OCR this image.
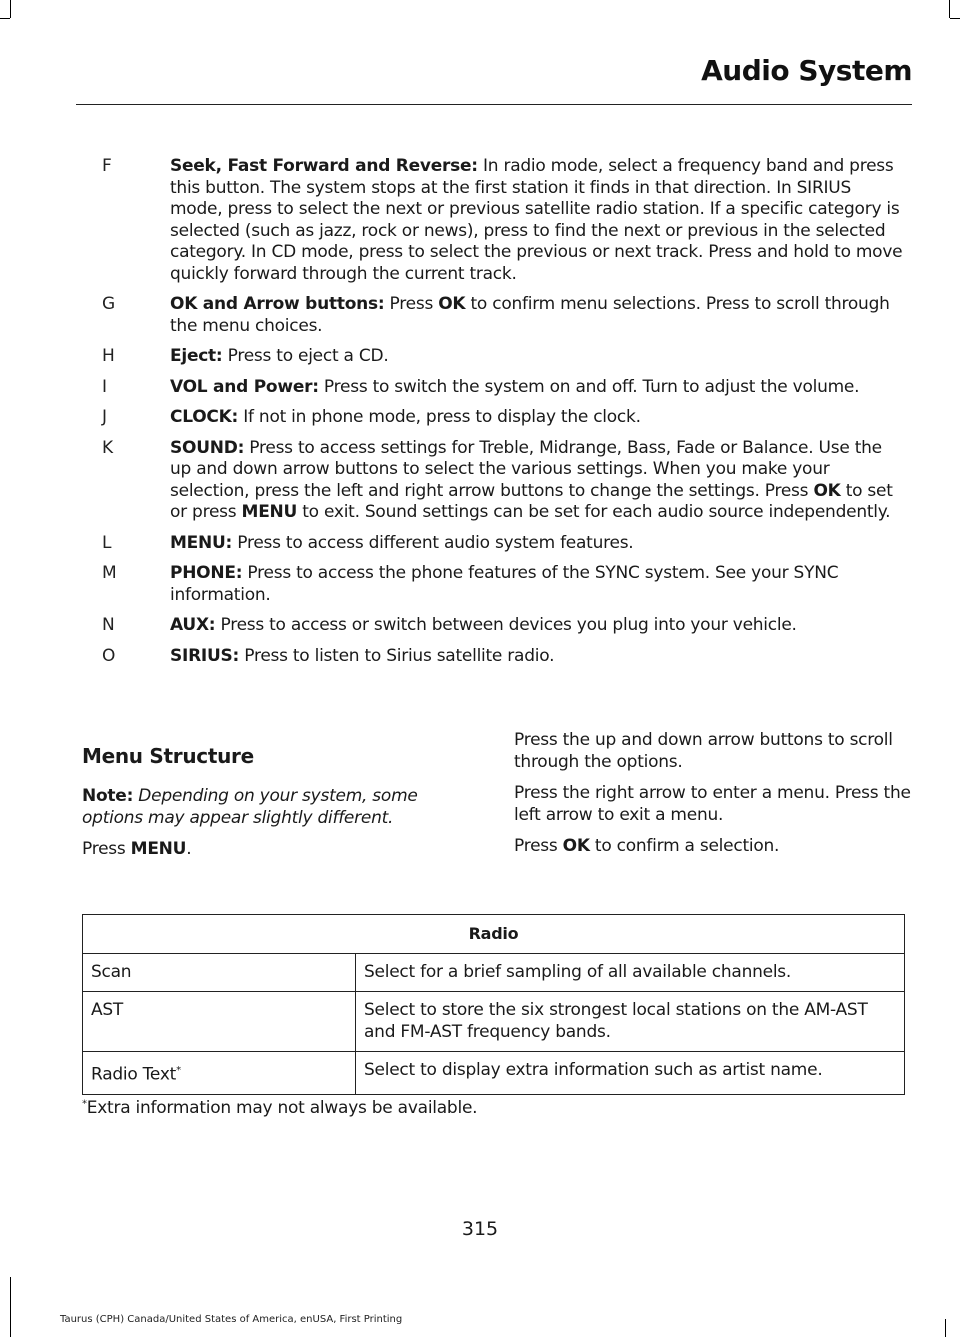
Audio System
F	Seek, Fast Forward and Reverse: In radio mode, select a frequency band and press this button. The system stops at the first station it finds in that direction. In SIRIUS mode, press to select the next or previous satellite radio station. If a specific category is selected (such as jazz, rock or news), press to find the next or previous in the selected category. In CD mode, press to select the previous or next track. Press and hold to move quickly forward through the current track.
G	OK and Arrow buttons: Press OK to confirm menu selections. Press to scroll through the menu choices.
H	Eject: Press to eject a CD.
I	VOL and Power: Press to switch the system on and off. Turn to adjust the volume.
J	CLOCK: If not in phone mode, press to display the clock.
K	SOUND: Press to access settings for Treble, Midrange, Bass, Fade or Balance. Use the up and down arrow buttons to select the various settings. When you make your selection, press the left and right arrow buttons to change the settings. Press OK to set or press MENU to exit. Sound settings can be set for each audio source independently.
L	MENU: Press to access different audio system features.
M	PHONE: Press to access the phone features of the SYNC system. See your SYNC information.
N	AUX: Press to access or switch between devices you plug into your vehicle.
O	SIRIUS: Press to listen to Sirius satellite radio.
Menu Structure

Note: Depending on your system, some options may appear slightly different.

Press MENU.

Press the up and down arrow buttons to scroll through the options.

Press the right arrow to enter a menu. Press the left arrow to exit a menu.

Press OK to confirm a selection.

Radio	
Scan	Select for a brief sampling of all available channels.
AST	Select to store the six strongest local stations on the AM-AST and FM-AST frequency bands.
Radio Text*	Select to display extra information such as artist name.
*Extra information may not always be available.
315
Taurus (CPH) Canada/United States of America, enUSA, First Printing
